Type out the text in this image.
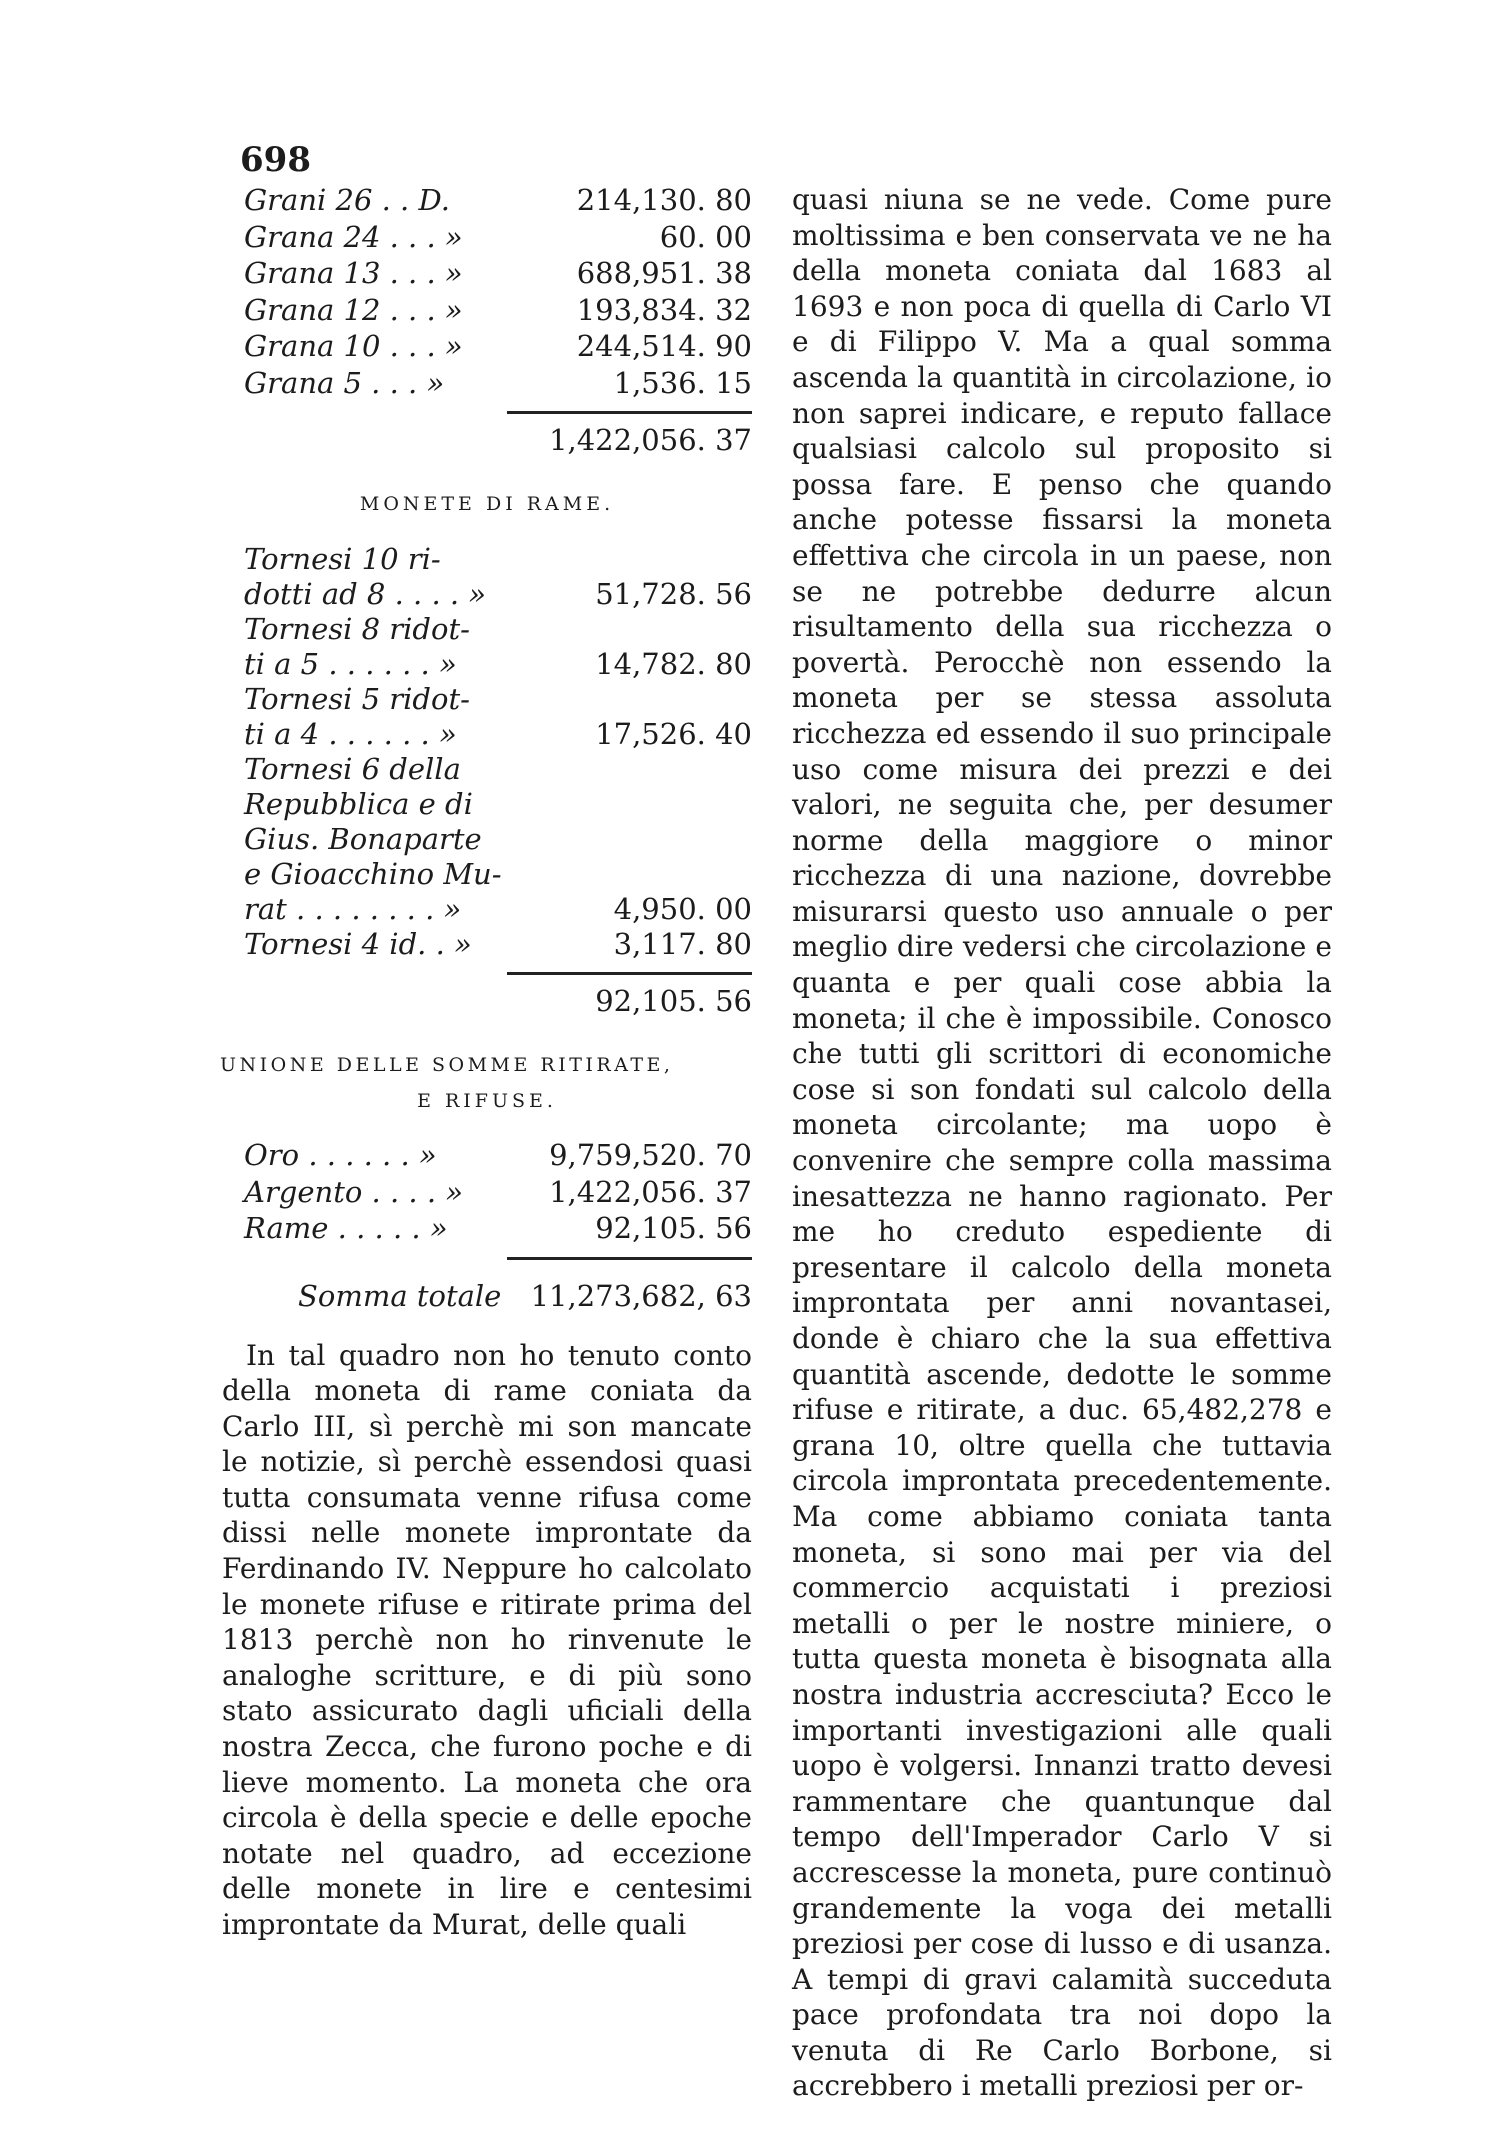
698
Grani 26 . . D.	214,130. 80
Grana 24 . . . »	60. 00
Grana 13 . . . »	688,951. 38
Grana 12 . . . »	193,834. 32
Grana 10 . . . »	244,514. 90
Grana 5 . . . »	1,536. 15
1,422,056. 37
MONETE DI RAME.
Tornesi 10 ri-
dotti ad 8 . . . . »	51,728. 56
Tornesi 8 ridot-
ti a 5 . . . . . . »	14,782. 80
Tornesi 5 ridot-
ti a 4 . . . . . . »	17,526. 40
Tornesi 6 della
Repubblica e di
Gius. Bonaparte
e Gioacchino Mu-
rat . . . . . . . . »	4,950. 00
Tornesi 4 id. . »	3,117. 80
92,105. 56
UNIONE DELLE SOMME RITIRATE,
E RIFUSE.
Oro . . . . . . »	9,759,520. 70
Argento . . . . »	1,422,056. 37
Rame . . . . . »	92,105. 56
Somma totale 11,273,682, 63
In tal quadro non ho tenuto conto della moneta di rame coniata da Carlo III, sì perchè mi son mancate le notizie, sì perchè essendosi quasi tutta consumata venne rifusa come dissi nelle monete improntate da Ferdinando IV. Neppure ho calcolato le monete rifuse e ritirate prima del 1813 perchè non ho rinvenute le analoghe scritture, e di più sono stato assicurato dagli uficiali della nostra Zecca, che furono poche e di lieve momento. La moneta che ora circola è della specie e delle epoche notate nel quadro, ad eccezione delle monete in lire e centesimi improntate da Murat, delle quali
quasi niuna se ne vede. Come pure moltissima e ben conservata ve ne ha della moneta coniata dal 1683 al 1693 e non poca di quella di Carlo VI e di Filippo V. Ma a qual somma ascenda la quantità in circolazione, io non saprei indicare, e reputo fallace qualsiasi calcolo sul proposito si possa fare. E penso che quando anche potesse fissarsi la moneta effettiva che circola in un paese, non se ne potrebbe dedurre alcun risultamento della sua ricchezza o povertà. Perocchè non essendo la moneta per se stessa assoluta ricchezza ed essendo il suo principale uso come misura dei prezzi e dei valori, ne seguita che, per desumer norme della maggiore o minor ricchezza di una nazione, dovrebbe misurarsi questo uso annuale o per meglio dire vedersi che circolazione e quanta e per quali cose abbia la moneta; il che è impossibile. Conosco che tutti gli scrittori di economiche cose si son fondati sul calcolo della moneta circolante; ma uopo è convenire che sempre colla massima inesattezza ne hanno ragionato. Per me ho creduto espediente di presentare il calcolo della moneta improntata per anni novantasei, donde è chiaro che la sua effettiva quantità ascende, dedotte le somme rifuse e ritirate, a duc. 65,482,278 e grana 10, oltre quella che tuttavia circola improntata precedentemente. Ma come abbiamo coniata tanta moneta, si sono mai per via del commercio acquistati i preziosi metalli o per le nostre miniere, o tutta questa moneta è bisognata alla nostra industria accresciuta? Ecco le importanti investigazioni alle quali uopo è volgersi. Innanzi tratto devesi rammentare che quantunque dal tempo dell'Imperador Carlo V si accrescesse la moneta, pure continuò grandemente la voga dei metalli preziosi per cose di lusso e di usanza. A tempi di gravi calamità succeduta pace profondata tra noi dopo la venuta di Re Carlo Borbone, si accrebbero i metalli preziosi per or-
